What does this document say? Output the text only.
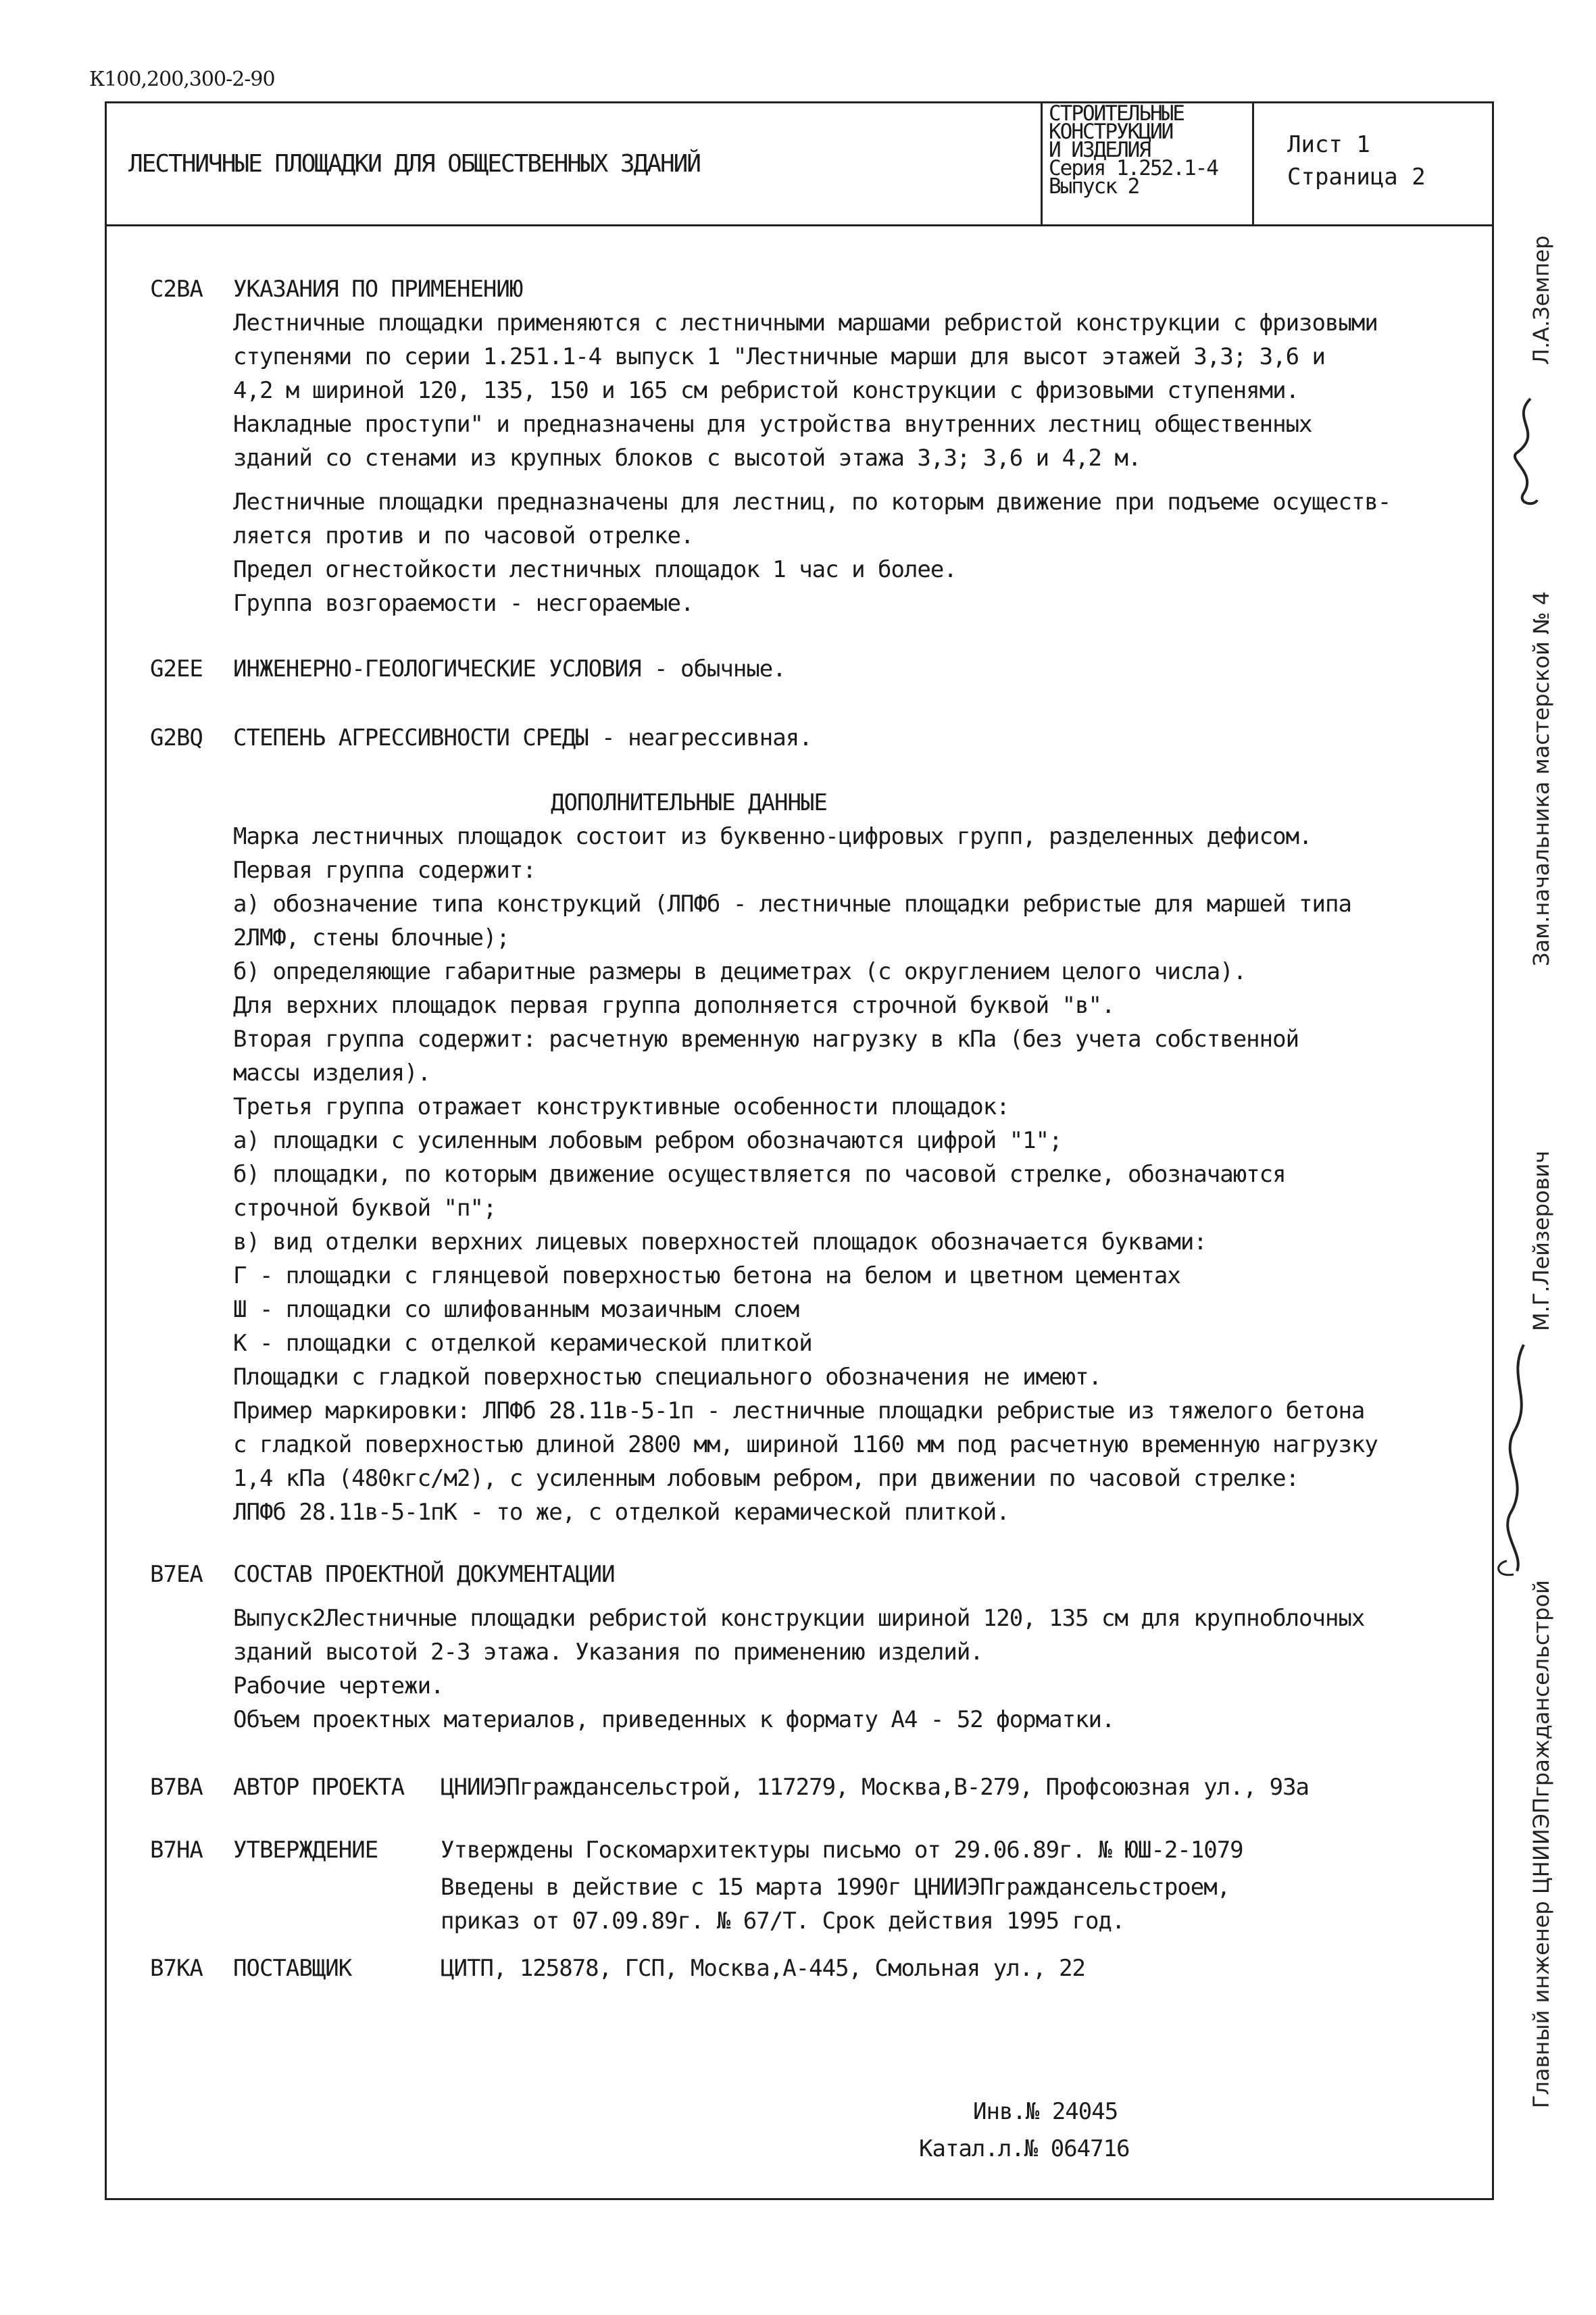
К100,200,300-2-90
ЛЕСТНИЧНЫЕ ПЛОЩАДКИ ДЛЯ ОБЩЕСТВЕННЫХ ЗДАНИЙ
СТРОИТЕЛЬНЫЕ
КОНСТРУКЦИИ
И ИЗДЕЛИЯ
Серия 1.252.1-4
Выпуск 2
Лист 1
Страница 2
С2ВА УКАЗАНИЯ ПО ПРИМЕНЕНИЮ
Лестничные площадки применяются с лестничными маршами ребристой конструкции с фризовыми
ступенями по серии 1.251.1-4 выпуск 1 "Лестничные марши для высот этажей 3,3; 3,6 и
4,2 м шириной 120, 135, 150 и 165 см ребристой конструкции с фризовыми ступенями.
Накладные проступи" и предназначены для устройства внутренних лестниц общественных
зданий со стенами из крупных блоков с высотой этажа 3,3; 3,6 и 4,2 м.
Лестничные площадки предназначены для лестниц, по которым движение при подъеме осуществ-
ляется против и по часовой отрелке.
Предел огнестойкости лестничных площадок 1 час и более.
Группа возгораемости - несгораемые.
G2EE ИНЖЕНЕРНО-ГЕОЛОГИЧЕСКИЕ УСЛОВИЯ - обычные.
G2BQ СТЕПЕНЬ АГРЕССИВНОСТИ СРЕДЫ - неагрессивная.
ДОПОЛНИТЕЛЬНЫЕ ДАННЫЕ
Марка лестничных площадок состоит из буквенно-цифровых групп, разделенных дефисом.
Первая группа содержит:
а) обозначение типа конструкций (ЛПФб - лестничные площадки ребристые для маршей типа
2ЛМФ, стены блочные);
б) определяющие габаритные размеры в дециметрах (с округлением целого числа).
Для верхних площадок первая группа дополняется строчной буквой "в".
Вторая группа содержит: расчетную временную нагрузку в кПа (без учета собственной
массы изделия).
Третья группа отражает конструктивные особенности площадок:
а) площадки с усиленным лобовым ребром обозначаются цифрой "1";
б) площадки, по которым движение осуществляется по часовой стрелке, обозначаются
строчной буквой "п";
в) вид отделки верхних лицевых поверхностей площадок обозначается буквами:
Г - площадки с глянцевой поверхностью бетона на белом и цветном цементах
Ш - площадки со шлифованным мозаичным слоем
К - площадки с отделкой керамической плиткой
Площадки с гладкой поверхностью специального обозначения не имеют.
Пример маркировки: ЛПФб 28.11в-5-1п - лестничные площадки ребристые из тяжелого бетона
с гладкой поверхностью длиной 2800 мм, шириной 1160 мм под расчетную временную нагрузку
1,4 кПа (480кгс/м2), с усиленным лобовым ребром, при движении по часовой стрелке:
ЛПФб 28.11в-5-1пК - то же, с отделкой керамической плиткой.
В7ЕА СОСТАВ ПРОЕКТНОЙ ДОКУМЕНТАЦИИ
Выпуск2Лестничные площадки ребристой конструкции шириной 120, 135 см для крупноблочных
зданий высотой 2-3 этажа. Указания по применению изделий.
Рабочие чертежи.
Объем проектных материалов, приведенных к формату А4 - 52 форматки.
В7ВА АВТОР ПРОЕКТА ЦНИИЭПграждансельстрой, 117279, Москва,В-279, Профсоюзная ул., 93а
В7НА УТВЕРЖДЕНИЕ	Утверждены Госкомархитектуры письмо от 29.06.89г. № ЮШ-2-1079
Введены в действие с 15 марта 1990г ЦНИИЭПграждансельстроем,
приказ от 07.09.89г. № 67/Т. Срок действия 1995 год.
В7КА ПОСТАВЩИК	ЦИТП, 125878, ГСП, Москва,А-445, Смольная ул., 22
Инв.№ 24045
Катал.л.№ 064716
Зам.начальника мастерской № 4
Л.А.Земпер
Главный инженер ЦНИИЭПграждансельстрой
М.Г.Лейзерович
